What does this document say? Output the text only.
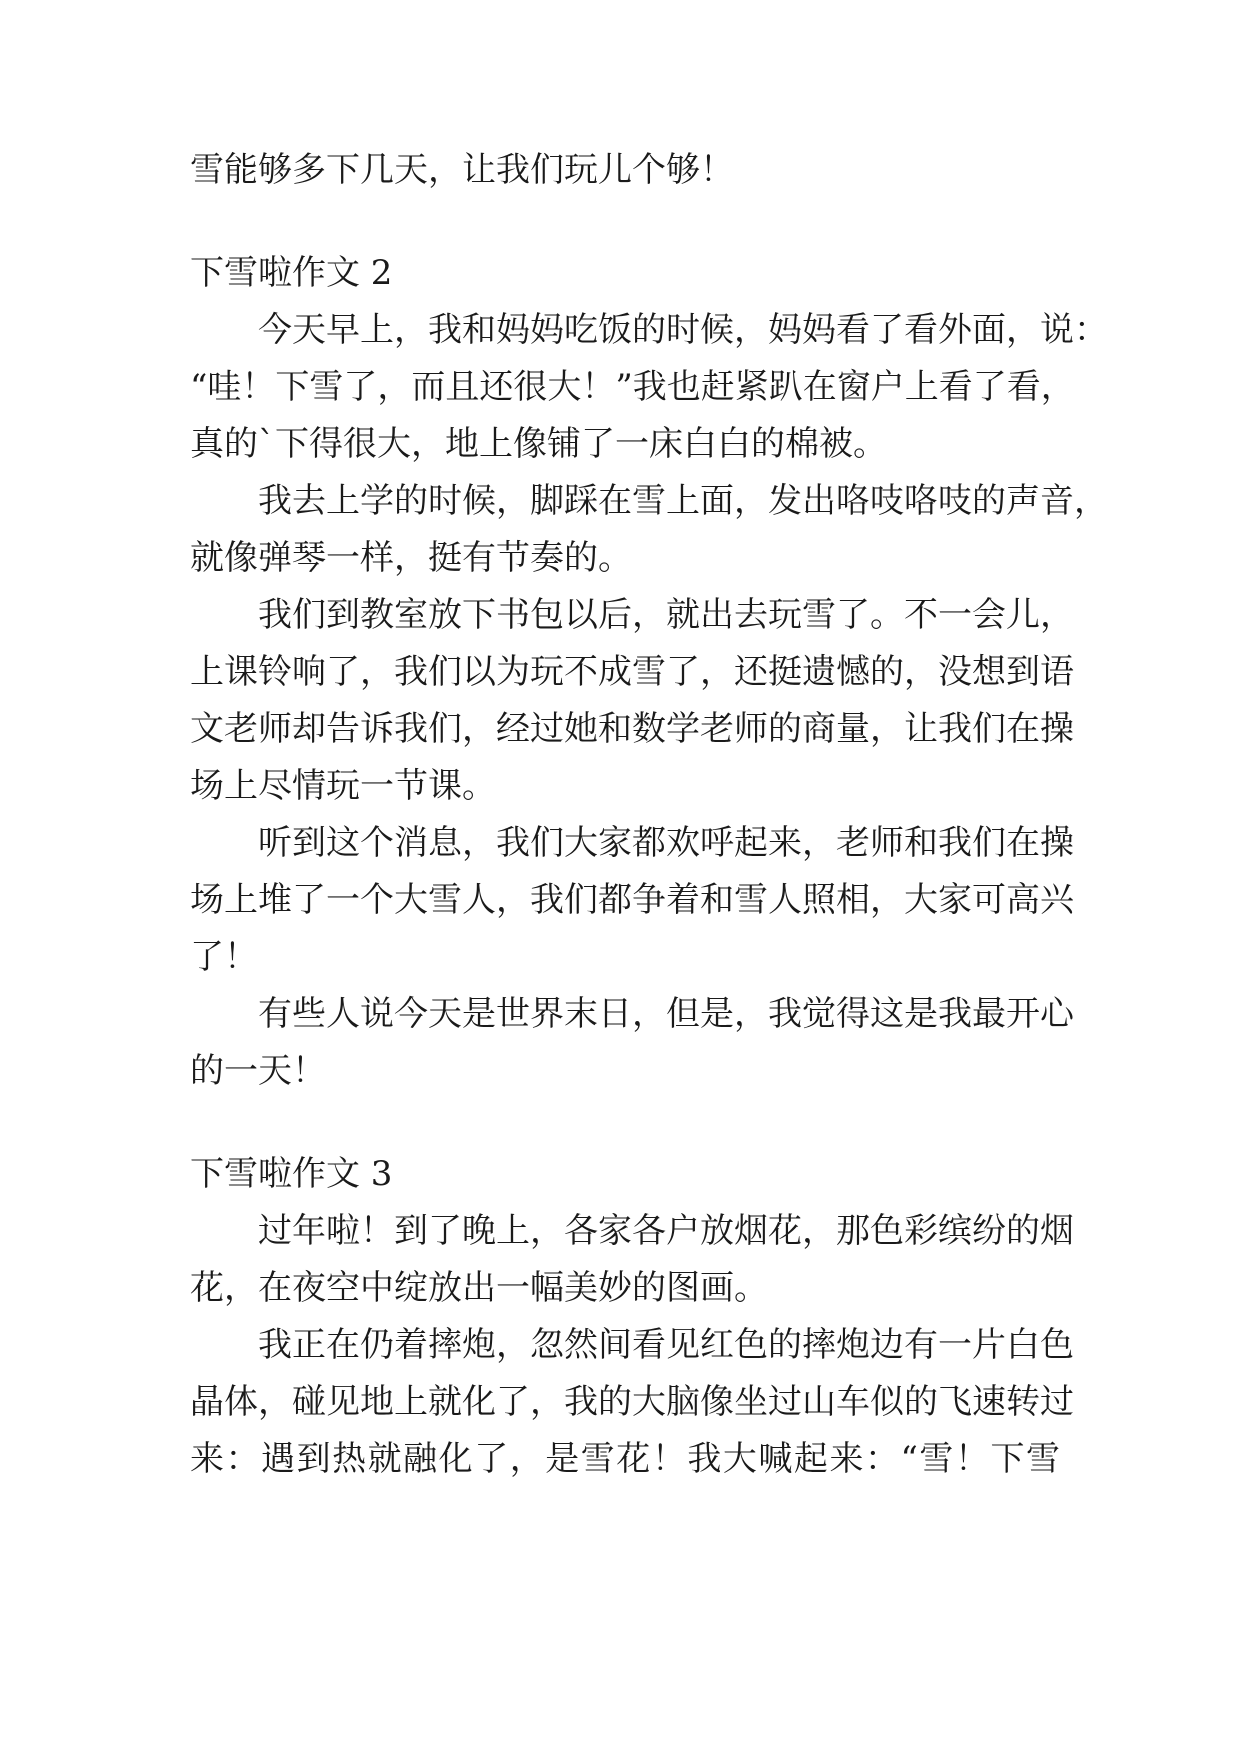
雪能够多下几天，让我们玩儿个够！
下雪啦作文 2
今天早上，我和妈妈吃饭的时候，妈妈看了看外面，说：
“哇！下雪了，而且还很大！”我也赶紧趴在窗户上看了看，
真的`下得很大，地上像铺了一床白白的棉被。
我去上学的时候，脚踩在雪上面，发出咯吱咯吱的声音，
就像弹琴一样，挺有节奏的。
我们到教室放下书包以后，就出去玩雪了。不一会儿，
上课铃响了，我们以为玩不成雪了，还挺遗憾的，没想到语
文老师却告诉我们，经过她和数学老师的商量，让我们在操
场上尽情玩一节课。
听到这个消息，我们大家都欢呼起来，老师和我们在操
场上堆了一个大雪人，我们都争着和雪人照相，大家可高兴
了！
有些人说今天是世界末日，但是，我觉得这是我最开心
的一天！
下雪啦作文 3
过年啦！到了晚上，各家各户放烟花，那色彩缤纷的烟
花，在夜空中绽放出一幅美妙的图画。
我正在仍着摔炮，忽然间看见红色的摔炮边有一片白色
晶体，碰见地上就化了，我的大脑像坐过山车似的飞速转过
来：遇到热就融化了，是雪花！我大喊起来：“雪！下雪
